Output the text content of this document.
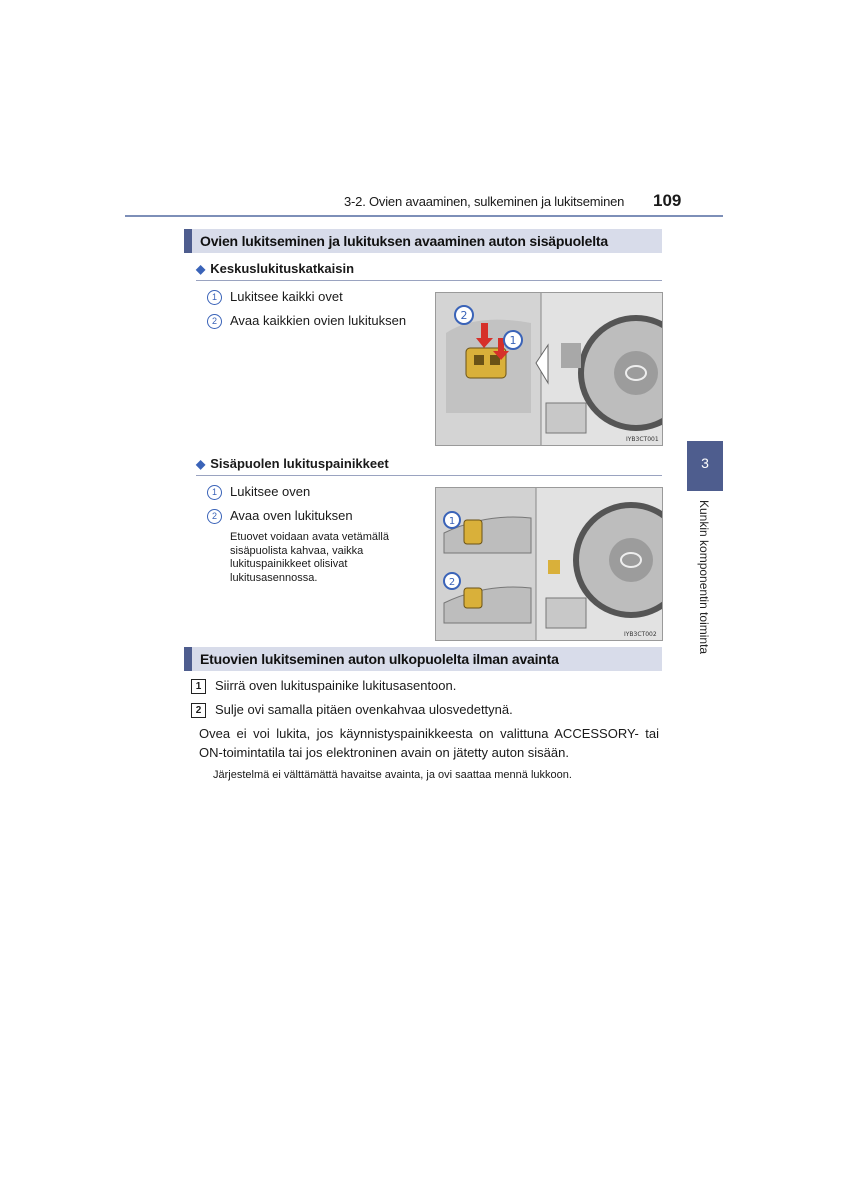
3-2. Ovien avaaminen, sulkeminen ja lukitseminen 109
3
Kunkin komponentin toiminta
Ovien lukitseminen ja lukituksen avaaminen auton sisäpuolelta
◆ Keskuslukituskatkaisin
1 Lukitsee kaikki ovet
2 Avaa kaikkien ovien lukituksen	2
1
IYB3CT001
◆ Sisäpuolen lukituspainikkeet
1 Lukitsee oven
2 Avaa oven lukituksen
Etuovet voidaan avata vetämällä sisäpuolista kahvaa, vaikka lukituspainikkeet olisivat lukitusasennossa.
1
2
IYB3CT002
Etuovien lukitseminen auton ulkopuolelta ilman avainta
1 Siirrä oven lukituspainike lukitusasentoon.
2 Sulje ovi samalla pitäen ovenkahvaa ulosvedettynä.
Ovea ei voi lukita, jos käynnistyspainikkeesta on valittuna ACCESSORY- tai ON-toimintatila tai jos elektroninen avain on jätetty auton sisään.
Järjestelmä ei välttämättä havaitse avainta, ja ovi saattaa mennä lukkoon.
